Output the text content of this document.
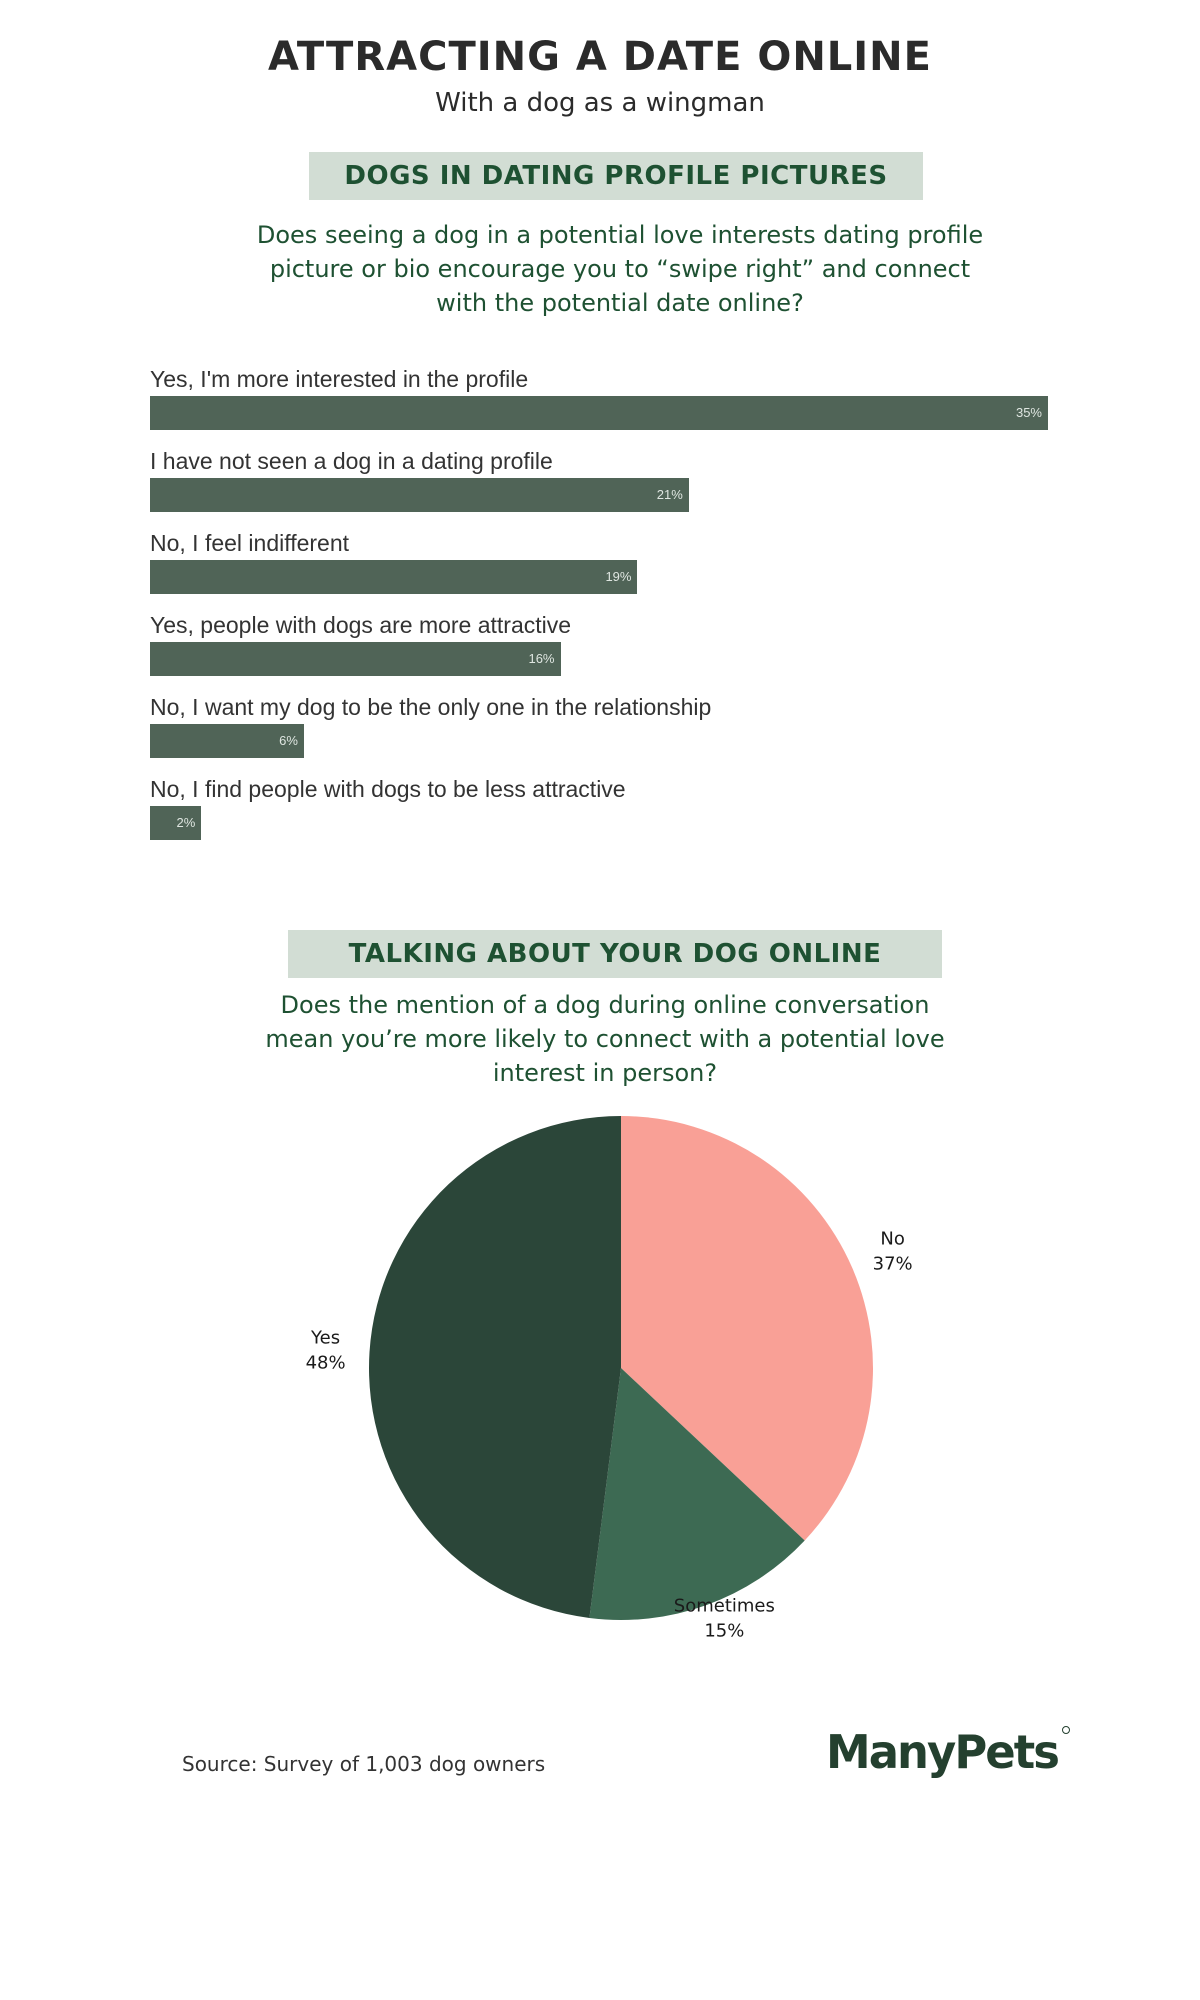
ATTRACTING A DATE ONLINE
With a dog as a wingman
DOGS IN DATING PROFILE PICTURES
Does seeing a dog in a potential love interests dating profile picture or bio encourage you to “swipe right” and connect with the potential date online?
Yes, I'm more interested in the profile
35%
I have not seen a dog in a dating profile
21%
No, I feel indifferent
19%
Yes, people with dogs are more attractive
16%
No, I want my dog to be the only one in the relationship
6%
No, I find people with dogs to be less attractive
2%
TALKING ABOUT YOUR DOG ONLINE
Does the mention of a dog during online conversation mean you’re more likely to connect with a potential love interest in person?
No 37%
Sometimes 15%
Yes 48%
Source: Survey of 1,003 dog owners	ManyPets
